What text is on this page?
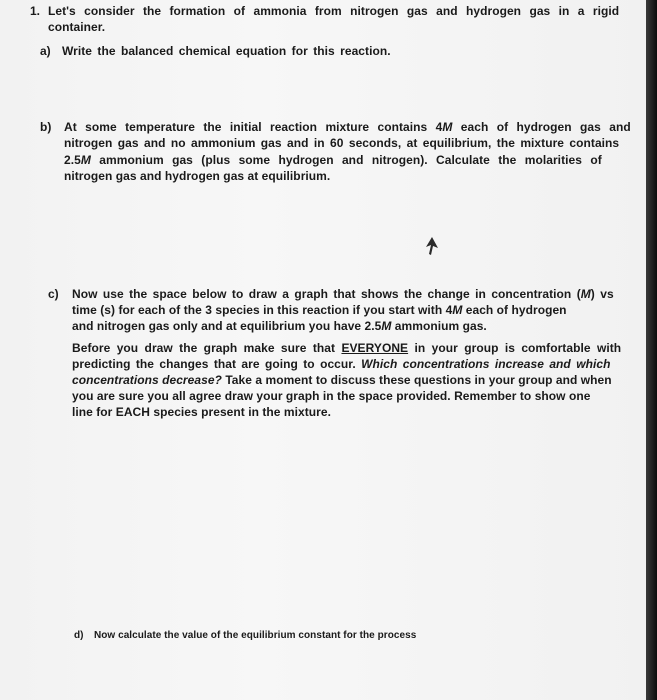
1. Let's consider the formation of ammonia from nitrogen gas and hydrogen gas in a rigid
container.
a) Write the balanced chemical equation for this reaction.
b) At some temperature the initial reaction mixture contains 4M each of hydrogen gas and
nitrogen gas and no ammonium gas and in 60 seconds, at equilibrium, the mixture contains
2.5M ammonium gas (plus some hydrogen and nitrogen). Calculate the molarities of
nitrogen gas and hydrogen gas at equilibrium.
c) Now use the space below to draw a graph that shows the change in concentration (M) vs
time (s) for each of the 3 species in this reaction if you start with 4M each of hydrogen
and nitrogen gas only and at equilibrium you have 2.5M ammonium gas.
Before you draw the graph make sure that EVERYONE in your group is comfortable with
predicting the changes that are going to occur. Which concentrations increase and which
concentrations decrease? Take a moment to discuss these questions in your group and when
you are sure you all agree draw your graph in the space provided. Remember to show one
line for EACH species present in the mixture.
d) Now calculate the value of the equilibrium constant for the process
